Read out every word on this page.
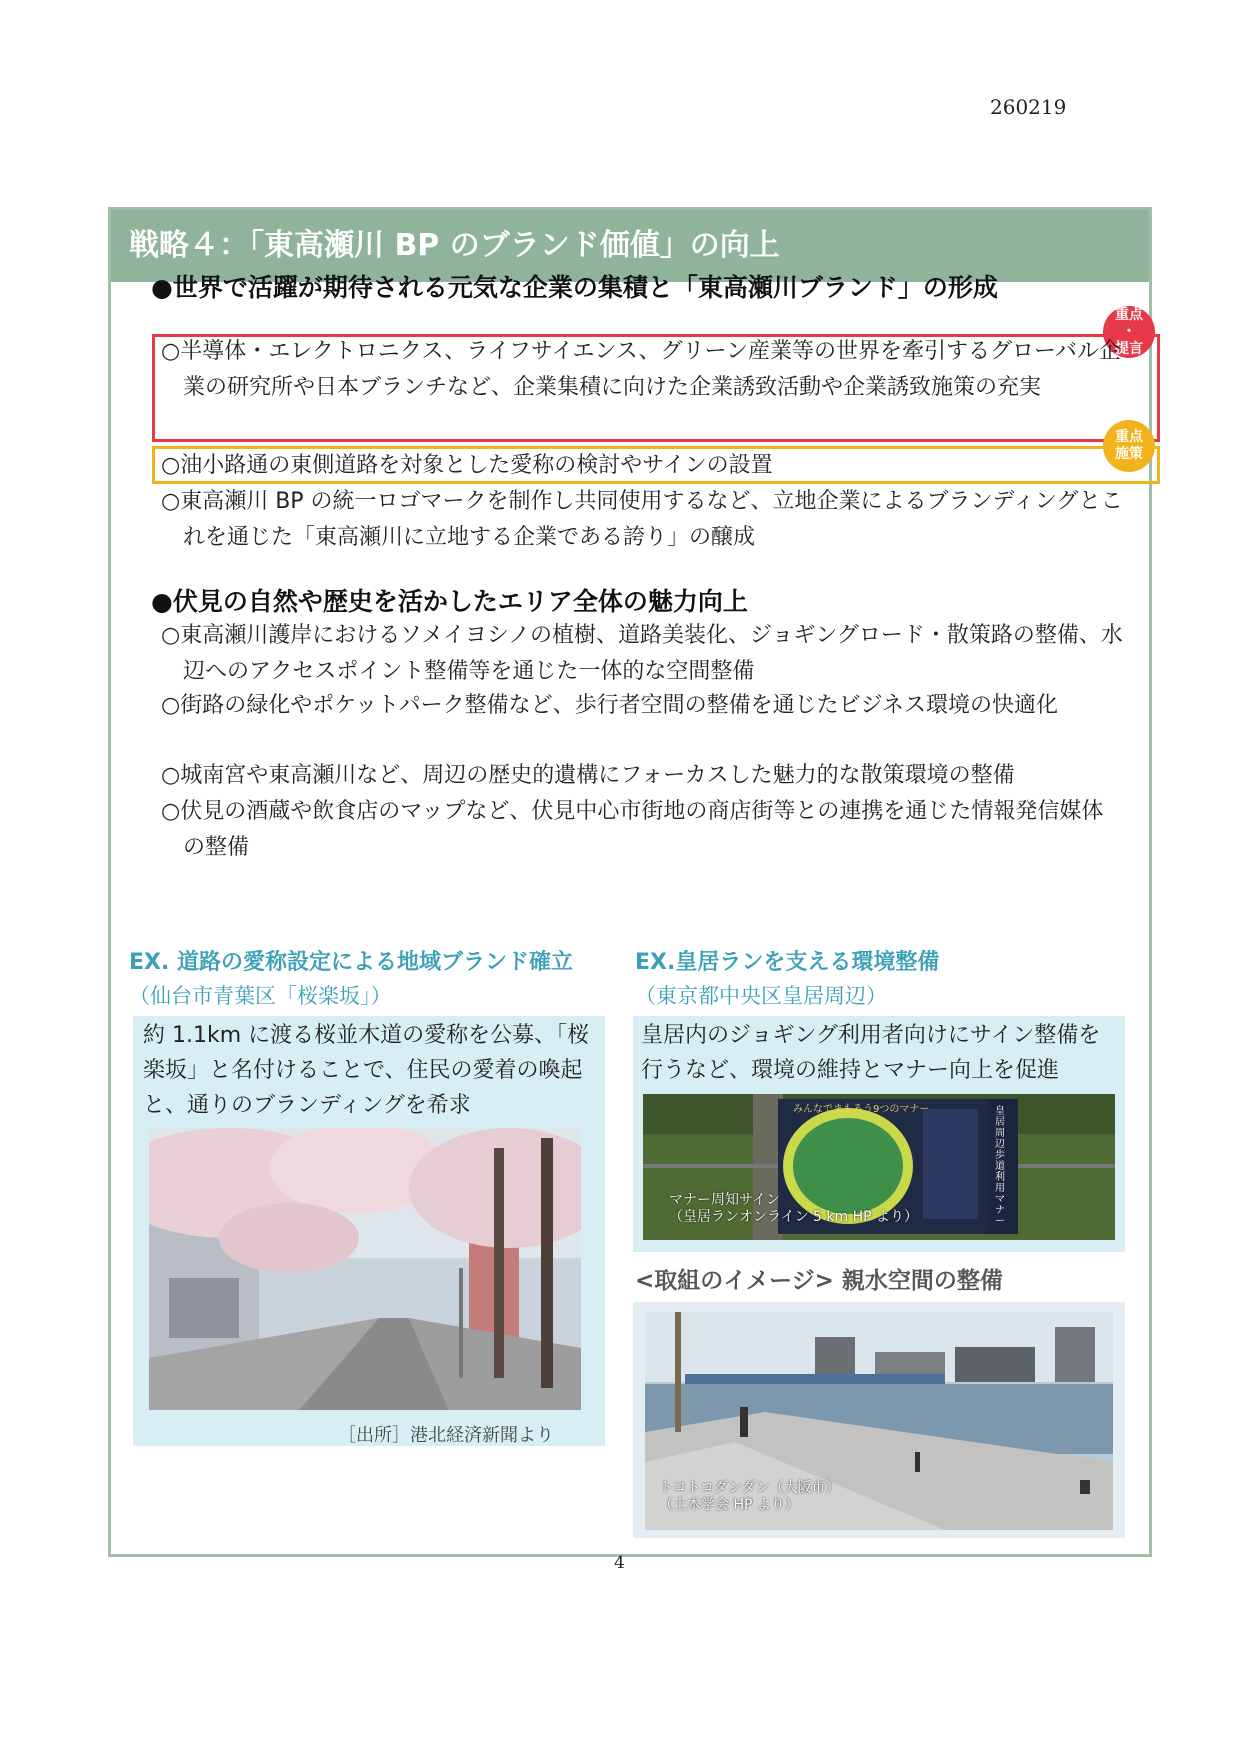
260219
戦略４：「東高瀬川 BP のブランド価値」の向上
●世界で活躍が期待される元気な企業の集積と「東高瀬川ブランド」の形成
重点
・
提言
重点
施策
○半導体・エレクトロニクス、ライフサイエンス、グリーン産業等の世界を牽引するグローバル企業の研究所や日本ブランチなど、企業集積に向けた企業誘致活動や企業誘致施策の充実
○油小路通の東側道路を対象とした愛称の検討やサインの設置
○東高瀬川 BP の統一ロゴマークを制作し共同使用するなど、立地企業によるブランディングとこれを通じた「東高瀬川に立地する企業である誇り」の醸成
●伏見の自然や歴史を活かしたエリア全体の魅力向上
○東高瀬川護岸におけるソメイヨシノの植樹、道路美装化、ジョギングロード・散策路の整備、水辺へのアクセスポイント整備等を通じた一体的な空間整備
○街路の緑化やポケットパーク整備など、歩行者空間の整備を通じたビジネス環境の快適化
○城南宮や東高瀬川など、周辺の歴史的遺構にフォーカスした魅力的な散策環境の整備
○伏見の酒蔵や飲食店のマップなど、伏見中心市街地の商店街等との連携を通じた情報発信媒体の整備
EX. 道路の愛称設定による地域ブランド確立
（仙台市青葉区「桜楽坂」）
約 1.1km に渡る桜並木道の愛称を公募、「桜楽坂」と名付けることで、住民の愛着の喚起と、通りのブランディングを希求
［出所］港北経済新聞より
EX.皇居ランを支える環境整備
（東京都中央区皇居周辺）
皇居内のジョギング利用者向けにサイン整備を行うなど、環境の維持とマナー向上を促進
マナー周知サイン
（皇居ランオンライン 5 km HP より）
みんなでまもろう9つのマナー	皇居周辺歩道利用マナー
<取組のイメージ> 親水空間の整備
トコトコダンダン（大阪市）
（土木学会 HP より）
4
